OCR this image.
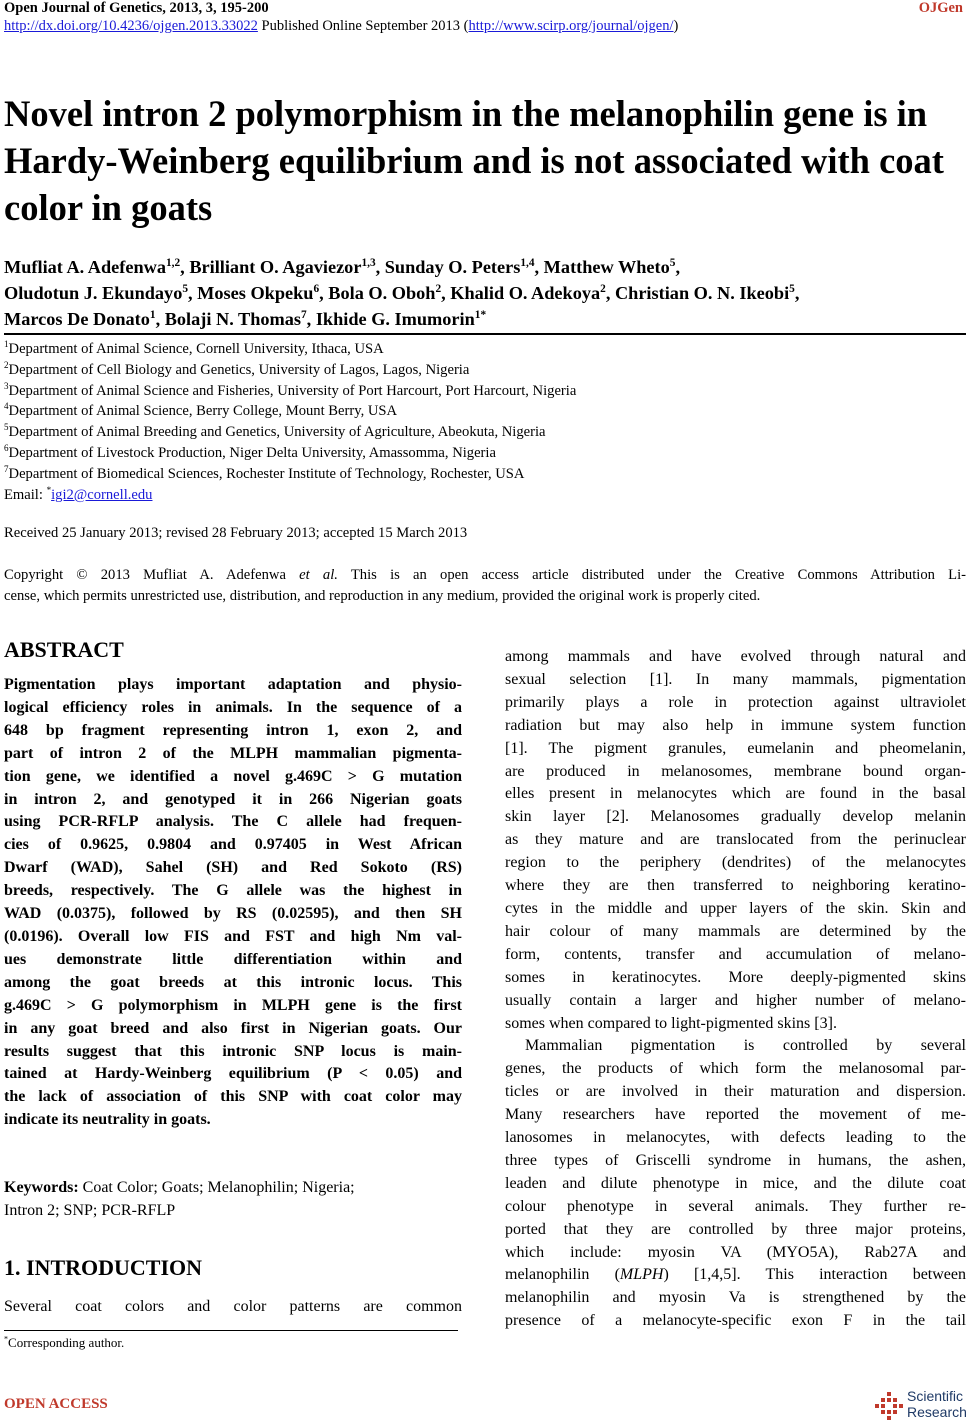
Open Journal of Genetics, 2013, 3, 195-200	OJGen
http://dx.doi.org/10.4236/ojgen.2013.33022 Published Online September 2013 (http://www.scirp.org/journal/ojgen/)
Novel intron 2 polymorphism in the melanophilin gene is in Hardy-Weinberg equilibrium and is not associated with coat color in goats
Mufliat A. Adefenwa$^{1,2}$, Brilliant O. Agaviezor$^{1,3}$, Sunday O. Peters$^{1,4}$, Matthew Wheto$^5$,
Oludotun J. Ekundayo$^5$, Moses Okpeku$^6$, Bola O. Oboh$^2$, Khalid O. Adekoya$^2$, Christian O. N. Ikeobi$^5$,
Marcos De Donato$^1$, Bolaji N. Thomas$^7$, Ikhide G. Imumorin$^{1*}$
$^1$Department of Animal Science, Cornell University, Ithaca, USA
$^2$Department of Cell Biology and Genetics, University of Lagos, Lagos, Nigeria
$^3$Department of Animal Science and Fisheries, University of Port Harcourt, Port Harcourt, Nigeria
$^4$Department of Animal Science, Berry College, Mount Berry, USA
$^5$Department of Animal Breeding and Genetics, University of Agriculture, Abeokuta, Nigeria
$^6$Department of Livestock Production, Niger Delta University, Amassomma, Nigeria
$^7$Department of Biomedical Sciences, Rochester Institute of Technology, Rochester, USA
Email: *igi2@cornell.edu
Received 25 January 2013; revised 28 February 2013; accepted 15 March 2013
Copyright © 2013 Mufliat A. Adefenwa et al. This is an open access article distributed under the Creative Commons Attribution Li-
cense, which permits unrestricted use, distribution, and reproduction in any medium, provided the original work is properly cited.
ABSTRACT
Pigmentation plays important adaptation and physio-
logical efficiency roles in animals. In the sequence of a
648 bp fragment representing intron 1, exon 2, and
part of intron 2 of the MLPH mammalian pigmenta-
tion gene, we identified a novel g.469C > G mutation
in intron 2, and genotyped it in 266 Nigerian goats
using PCR-RFLP analysis. The C allele had frequen-
cies of 0.9625, 0.9804 and 0.97405 in West African
Dwarf (WAD), Sahel (SH) and Red Sokoto (RS)
breeds, respectively. The G allele was the highest in
WAD (0.0375), followed by RS (0.02595), and then SH
(0.0196). Overall low FIS and FST and high Nm val-
ues demonstrate little differentiation within and
among the goat breeds at this intronic locus. This
g.469C > G polymorphism in MLPH gene is the first
in any goat breed and also first in Nigerian goats. Our
results suggest that this intronic SNP locus is main-
tained at Hardy-Weinberg equilibrium (P < 0.05) and
the lack of association of this SNP with coat color may
indicate its neutrality in goats.
Keywords: Coat Color; Goats; Melanophilin; Nigeria;
Intron 2; SNP; PCR-RFLP
1. INTRODUCTION
Several coat colors and color patterns are common
*Corresponding author.
among mammals and have evolved through natural and
sexual selection [1]. In many mammals, pigmentation
primarily plays a role in protection against ultraviolet
radiation but may also help in immune system function
[1]. The pigment granules, eumelanin and pheomelanin,
are produced in melanosomes, membrane bound organ-
elles present in melanocytes which are found in the basal
skin layer [2]. Melanosomes gradually develop melanin
as they mature and are translocated from the perinuclear
region to the periphery (dendrites) of the melanocytes
where they are then transferred to neighboring keratino-
cytes in the middle and upper layers of the skin. Skin and
hair colour of many mammals are determined by the
form, contents, transfer and accumulation of melano-
somes in keratinocytes. More deeply-pigmented skins
usually contain a larger and higher number of melano-
somes when compared to light-pigmented skins [3].
Mammalian pigmentation is controlled by several
genes, the products of which form the melanosomal par-
ticles or are involved in their maturation and dispersion.
Many researchers have reported the movement of me-
lanosomes in melanocytes, with defects leading to the
three types of Griscelli syndrome in humans, the ashen,
leaden and dilute phenotype in mice, and the dilute coat
colour phenotype in several animals. They further re-
ported that they are controlled by three major proteins,
which include: myosin VA (MYO5A), Rab27A and
melanophilin (MLPH) [1,4,5]. This interaction between
melanophilin and myosin Va is strengthened by the
presence of a melanocyte-specific exon F in the tail
OPEN ACCESS	Scientific
Research
